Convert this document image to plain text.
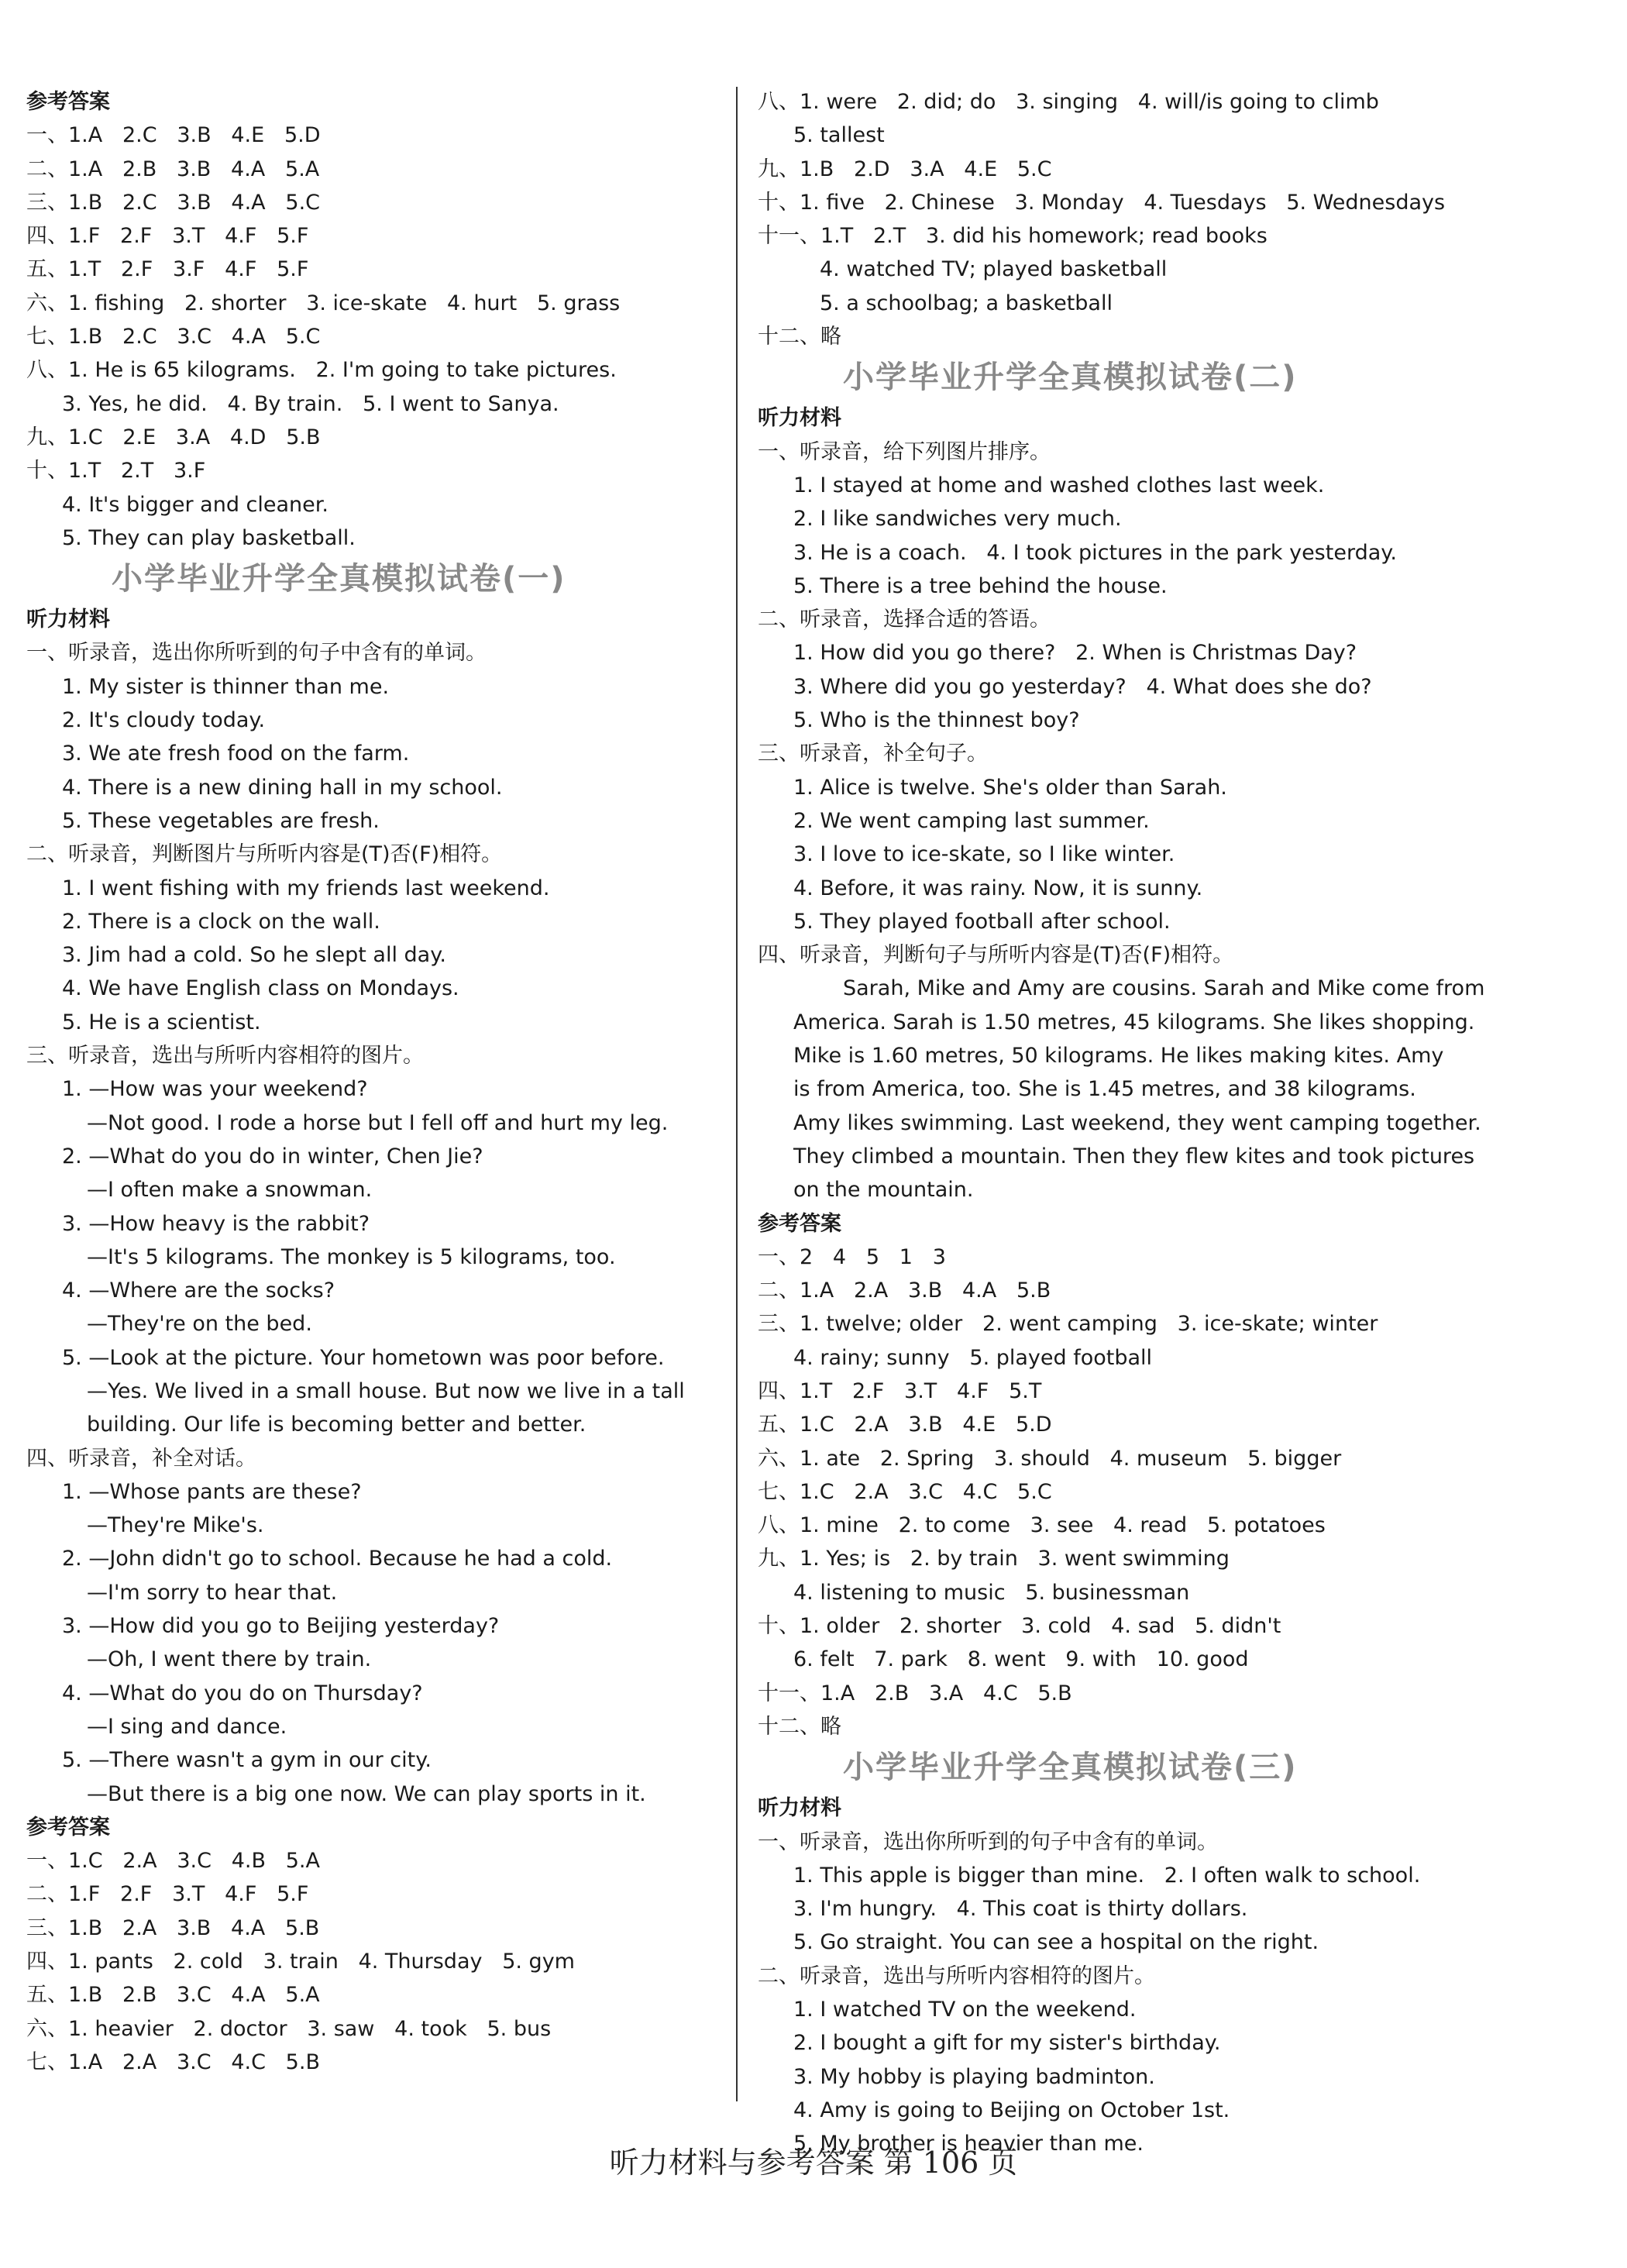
参考答案
一、1.A   2.C   3.B   4.E   5.D
二、1.A   2.B   3.B   4.A   5.A
三、1.B   2.C   3.B   4.A   5.C
四、1.F   2.F   3.T   4.F   5.F
五、1.T   2.F   3.F   4.F   5.F
六、1. fishing   2. shorter   3. ice-skate   4. hurt   5. grass
七、1.B   2.C   3.C   4.A   5.C
八、1. He is 65 kilograms.   2. I'm going to take pictures.
3. Yes, he did.   4. By train.   5. I went to Sanya.
九、1.C   2.E   3.A   4.D   5.B
十、1.T   2.T   3.F
4. It's bigger and cleaner.
5. They can play basketball.
小学毕业升学全真模拟试卷(一)
听力材料
一、听录音，选出你所听到的句子中含有的单词。
1. My sister is thinner than me.
2. It's cloudy today.
3. We ate fresh food on the farm.
4. There is a new dining hall in my school.
5. These vegetables are fresh.
二、听录音，判断图片与所听内容是(T)否(F)相符。
1. I went fishing with my friends last weekend.
2. There is a clock on the wall.
3. Jim had a cold. So he slept all day.
4. We have English class on Mondays.
5. He is a scientist.
三、听录音，选出与所听内容相符的图片。
1. —How was your weekend?
—Not good. I rode a horse but I fell off and hurt my leg.
2. —What do you do in winter, Chen Jie?
—I often make a snowman.
3. —How heavy is the rabbit?
—It's 5 kilograms. The monkey is 5 kilograms, too.
4. —Where are the socks?
—They're on the bed.
5. —Look at the picture. Your hometown was poor before.
—Yes. We lived in a small house. But now we live in a tall
building. Our life is becoming better and better.
四、听录音，补全对话。
1. —Whose pants are these?
—They're Mike's.
2. —John didn't go to school. Because he had a cold.
—I'm sorry to hear that.
3. —How did you go to Beijing yesterday?
—Oh, I went there by train.
4. —What do you do on Thursday?
—I sing and dance.
5. —There wasn't a gym in our city.
—But there is a big one now. We can play sports in it.
参考答案
一、1.C   2.A   3.C   4.B   5.A
二、1.F   2.F   3.T   4.F   5.F
三、1.B   2.A   3.B   4.A   5.B
四、1. pants   2. cold   3. train   4. Thursday   5. gym
五、1.B   2.B   3.C   4.A   5.A
六、1. heavier   2. doctor   3. saw   4. took   5. bus
七、1.A   2.A   3.C   4.C   5.B
八、1. were   2. did; do   3. singing   4. will/is going to climb
5. tallest
九、1.B   2.D   3.A   4.E   5.C
十、1. five   2. Chinese   3. Monday   4. Tuesdays   5. Wednesdays
十一、1.T   2.T   3. did his homework; read books
4. watched TV; played basketball
5. a schoolbag; a basketball
十二、略
小学毕业升学全真模拟试卷(二)
听力材料
一、听录音，给下列图片排序。
1. I stayed at home and washed clothes last week.
2. I like sandwiches very much.
3. He is a coach.   4. I took pictures in the park yesterday.
5. There is a tree behind the house.
二、听录音，选择合适的答语。
1. How did you go there?   2. When is Christmas Day?
3. Where did you go yesterday?   4. What does she do?
5. Who is the thinnest boy?
三、听录音，补全句子。
1. Alice is twelve. She's older than Sarah.
2. We went camping last summer.
3. I love to ice-skate, so I like winter.
4. Before, it was rainy. Now, it is sunny.
5. They played football after school.
四、听录音，判断句子与所听内容是(T)否(F)相符。
Sarah, Mike and Amy are cousins. Sarah and Mike come from
America. Sarah is 1.50 metres, 45 kilograms. She likes shopping.
Mike is 1.60 metres, 50 kilograms. He likes making kites. Amy
is from America, too. She is 1.45 metres, and 38 kilograms.
Amy likes swimming. Last weekend, they went camping together.
They climbed a mountain. Then they flew kites and took pictures
on the mountain.
参考答案
一、2   4   5   1   3
二、1.A   2.A   3.B   4.A   5.B
三、1. twelve; older   2. went camping   3. ice-skate; winter
4. rainy; sunny   5. played football
四、1.T   2.F   3.T   4.F   5.T
五、1.C   2.A   3.B   4.E   5.D
六、1. ate   2. Spring   3. should   4. museum   5. bigger
七、1.C   2.A   3.C   4.C   5.C
八、1. mine   2. to come   3. see   4. read   5. potatoes
九、1. Yes; is   2. by train   3. went swimming
4. listening to music   5. businessman
十、1. older   2. shorter   3. cold   4. sad   5. didn't
6. felt   7. park   8. went   9. with   10. good
十一、1.A   2.B   3.A   4.C   5.B
十二、略
小学毕业升学全真模拟试卷(三)
听力材料
一、听录音，选出你所听到的句子中含有的单词。
1. This apple is bigger than mine.   2. I often walk to school.
3. I'm hungry.   4. This coat is thirty dollars.
5. Go straight. You can see a hospital on the right.
二、听录音，选出与所听内容相符的图片。
1. I watched TV on the weekend.
2. I bought a gift for my sister's birthday.
3. My hobby is playing badminton.
4. Amy is going to Beijing on October 1st.
5. My brother is heavier than me.
听力材料与参考答案 第 106 页
